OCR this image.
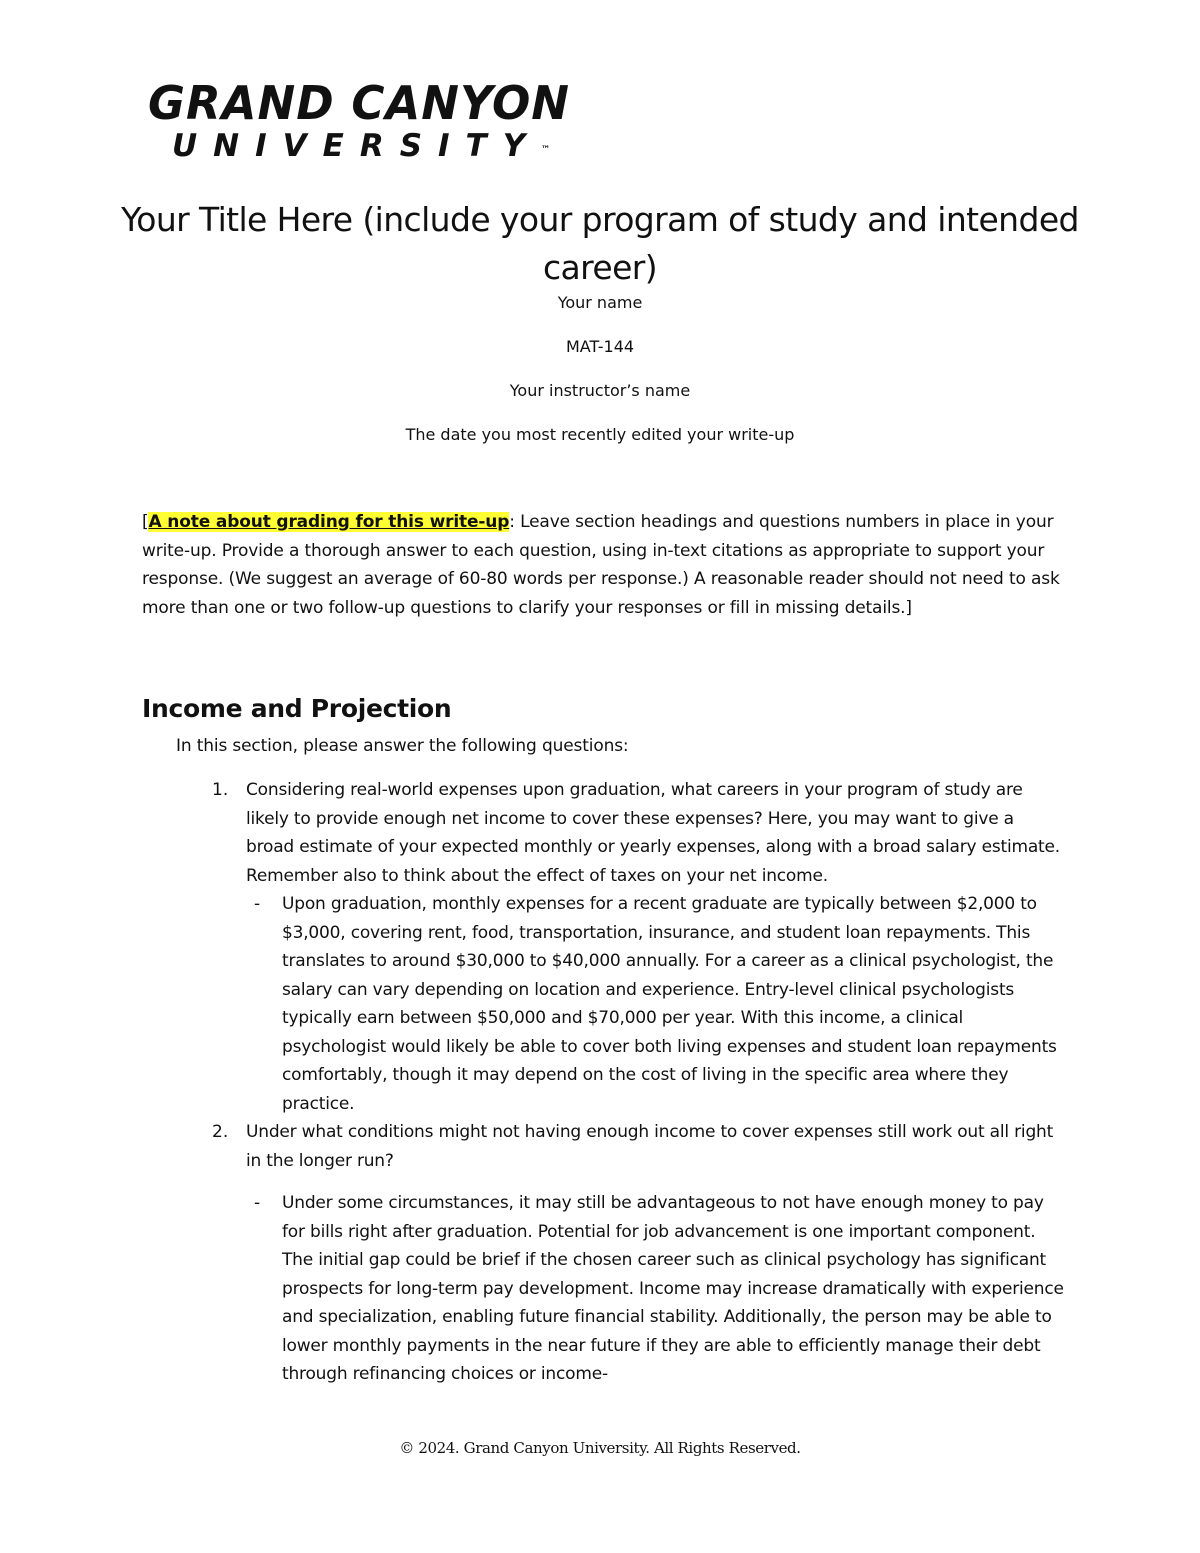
GRAND CANYON
UNIVERSITY™
Your Title Here (include your program of study and intended career)
Your name
MAT-144
Your instructor’s name
The date you most recently edited your write-up
[A note about grading for this write-up: Leave section headings and questions numbers in place in your write-up. Provide a thorough answer to each question, using in-text citations as appropriate to support your response. (We suggest an average of 60-80 words per response.) A reasonable reader should not need to ask more than one or two follow-up questions to clarify your responses or fill in missing details.]
Income and Projection
In this section, please answer the following questions:
1. Considering real-world expenses upon graduation, what careers in your program of study are likely to provide enough net income to cover these expenses? Here, you may want to give a broad estimate of your expected monthly or yearly expenses, along with a broad salary estimate. Remember also to think about the effect of taxes on your net income.
- Upon graduation, monthly expenses for a recent graduate are typically between $2,000 to $3,000, covering rent, food, transportation, insurance, and student loan repayments. This translates to around $30,000 to $40,000 annually. For a career as a clinical psychologist, the salary can vary depending on location and experience. Entry-level clinical psychologists typically earn between $50,000 and $70,000 per year. With this income, a clinical psychologist would likely be able to cover both living expenses and student loan repayments comfortably, though it may depend on the cost of living in the specific area where they practice.
2. Under what conditions might not having enough income to cover expenses still work out all right in the longer run?
- Under some circumstances, it may still be advantageous to not have enough money to pay for bills right after graduation. Potential for job advancement is one important component. The initial gap could be brief if the chosen career such as clinical psychology has significant prospects for long-term pay development. Income may increase dramatically with experience and specialization, enabling future financial stability. Additionally, the person may be able to lower monthly payments in the near future if they are able to efficiently manage their debt through refinancing choices or income-
© 2024. Grand Canyon University. All Rights Reserved.
